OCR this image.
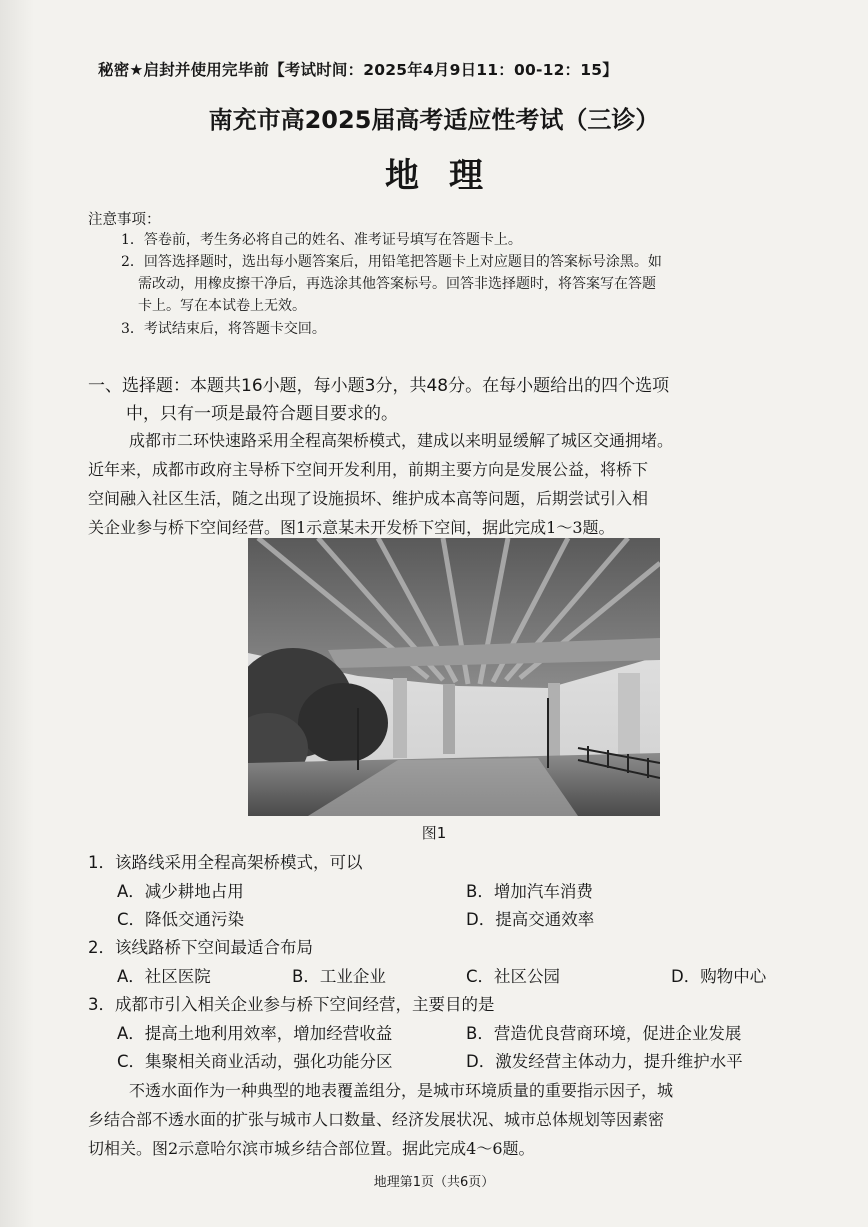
秘密★启封并使用完毕前【考试时间：2025年4月9日11：00-12：15】
南充市高2025届高考适应性考试（三诊）
地理
注意事项：
1．答卷前，考生务必将自己的姓名、准考证号填写在答题卡上。
2．回答选择题时，选出每小题答案后，用铅笔把答题卡上对应题目的答案标号涂黑。如
需改动，用橡皮擦干净后，再选涂其他答案标号。回答非选择题时，将答案写在答题
卡上。写在本试卷上无效。
3．考试结束后，将答题卡交回。
一、选择题：本题共16小题，每小题3分，共48分。在每小题给出的四个选项
中，只有一项是最符合题目要求的。
成都市二环快速路采用全程高架桥模式，建成以来明显缓解了城区交通拥堵。
近年来，成都市政府主导桥下空间开发利用，前期主要方向是发展公益，将桥下
空间融入社区生活，随之出现了设施损坏、维护成本高等问题，后期尝试引入相
关企业参与桥下空间经营。图1示意某未开发桥下空间，据此完成1～3题。
图1
1．该路线采用全程高架桥模式，可以
A．减少耕地占用	B．增加汽车消费
C．降低交通污染	D．提高交通效率
2．该线路桥下空间最适合布局
A．社区医院	B．工业企业	C．社区公园	D．购物中心
3．成都市引入相关企业参与桥下空间经营，主要目的是
A．提高土地利用效率，增加经营收益	B．营造优良营商环境，促进企业发展
C．集聚相关商业活动，强化功能分区	D．激发经营主体动力，提升维护水平
不透水面作为一种典型的地表覆盖组分，是城市环境质量的重要指示因子，城
乡结合部不透水面的扩张与城市人口数量、经济发展状况、城市总体规划等因素密
切相关。图2示意哈尔滨市城乡结合部位置。据此完成4～6题。
地理第1页（共6页）
